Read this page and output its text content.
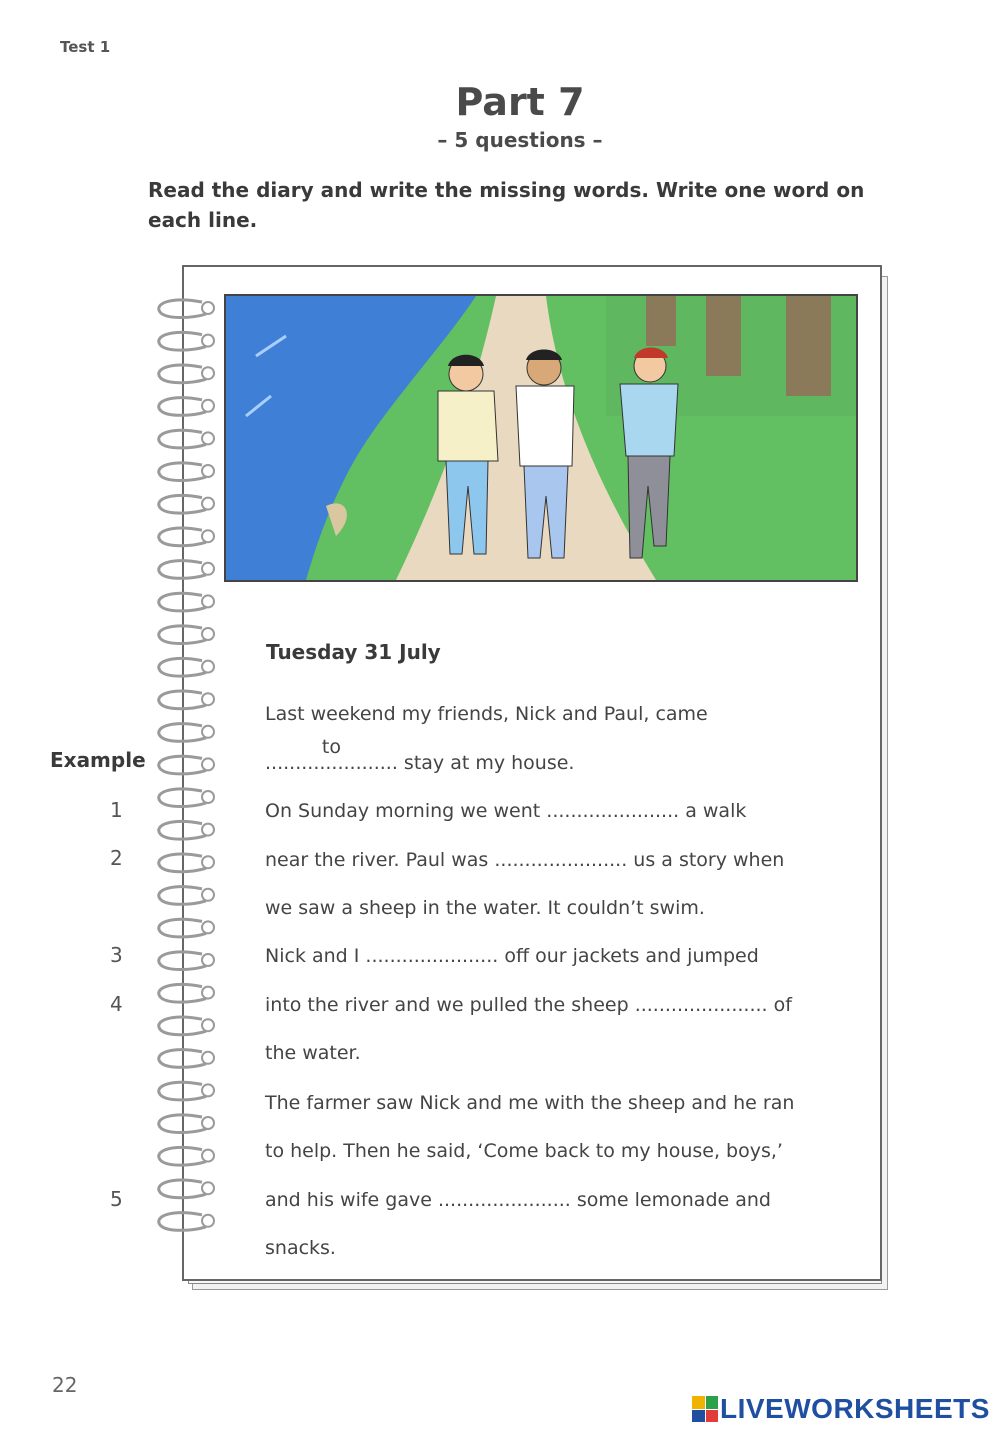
Test 1
Part 7
– 5 questions –
Read the diary and write the missing words. Write one word on each line.
Tuesday 31 July
Example
Last weekend my friends, Nick and Paul, came
......................
to
stay at my house.
On Sunday morning we went ...................... a walk
near the river. Paul was ...................... us a story when
we saw a sheep in the water. It couldn’t swim.
Nick and I ...................... off our jackets and jumped
into the river and we pulled the sheep ...................... of
the water.
The farmer saw Nick and me with the sheep and he ran
to help. Then he said, ‘Come back to my house, boys,’
and his wife gave ...................... some lemonade and
snacks.
1
2
3
4
5
22
LIVEWORKSHEETS
